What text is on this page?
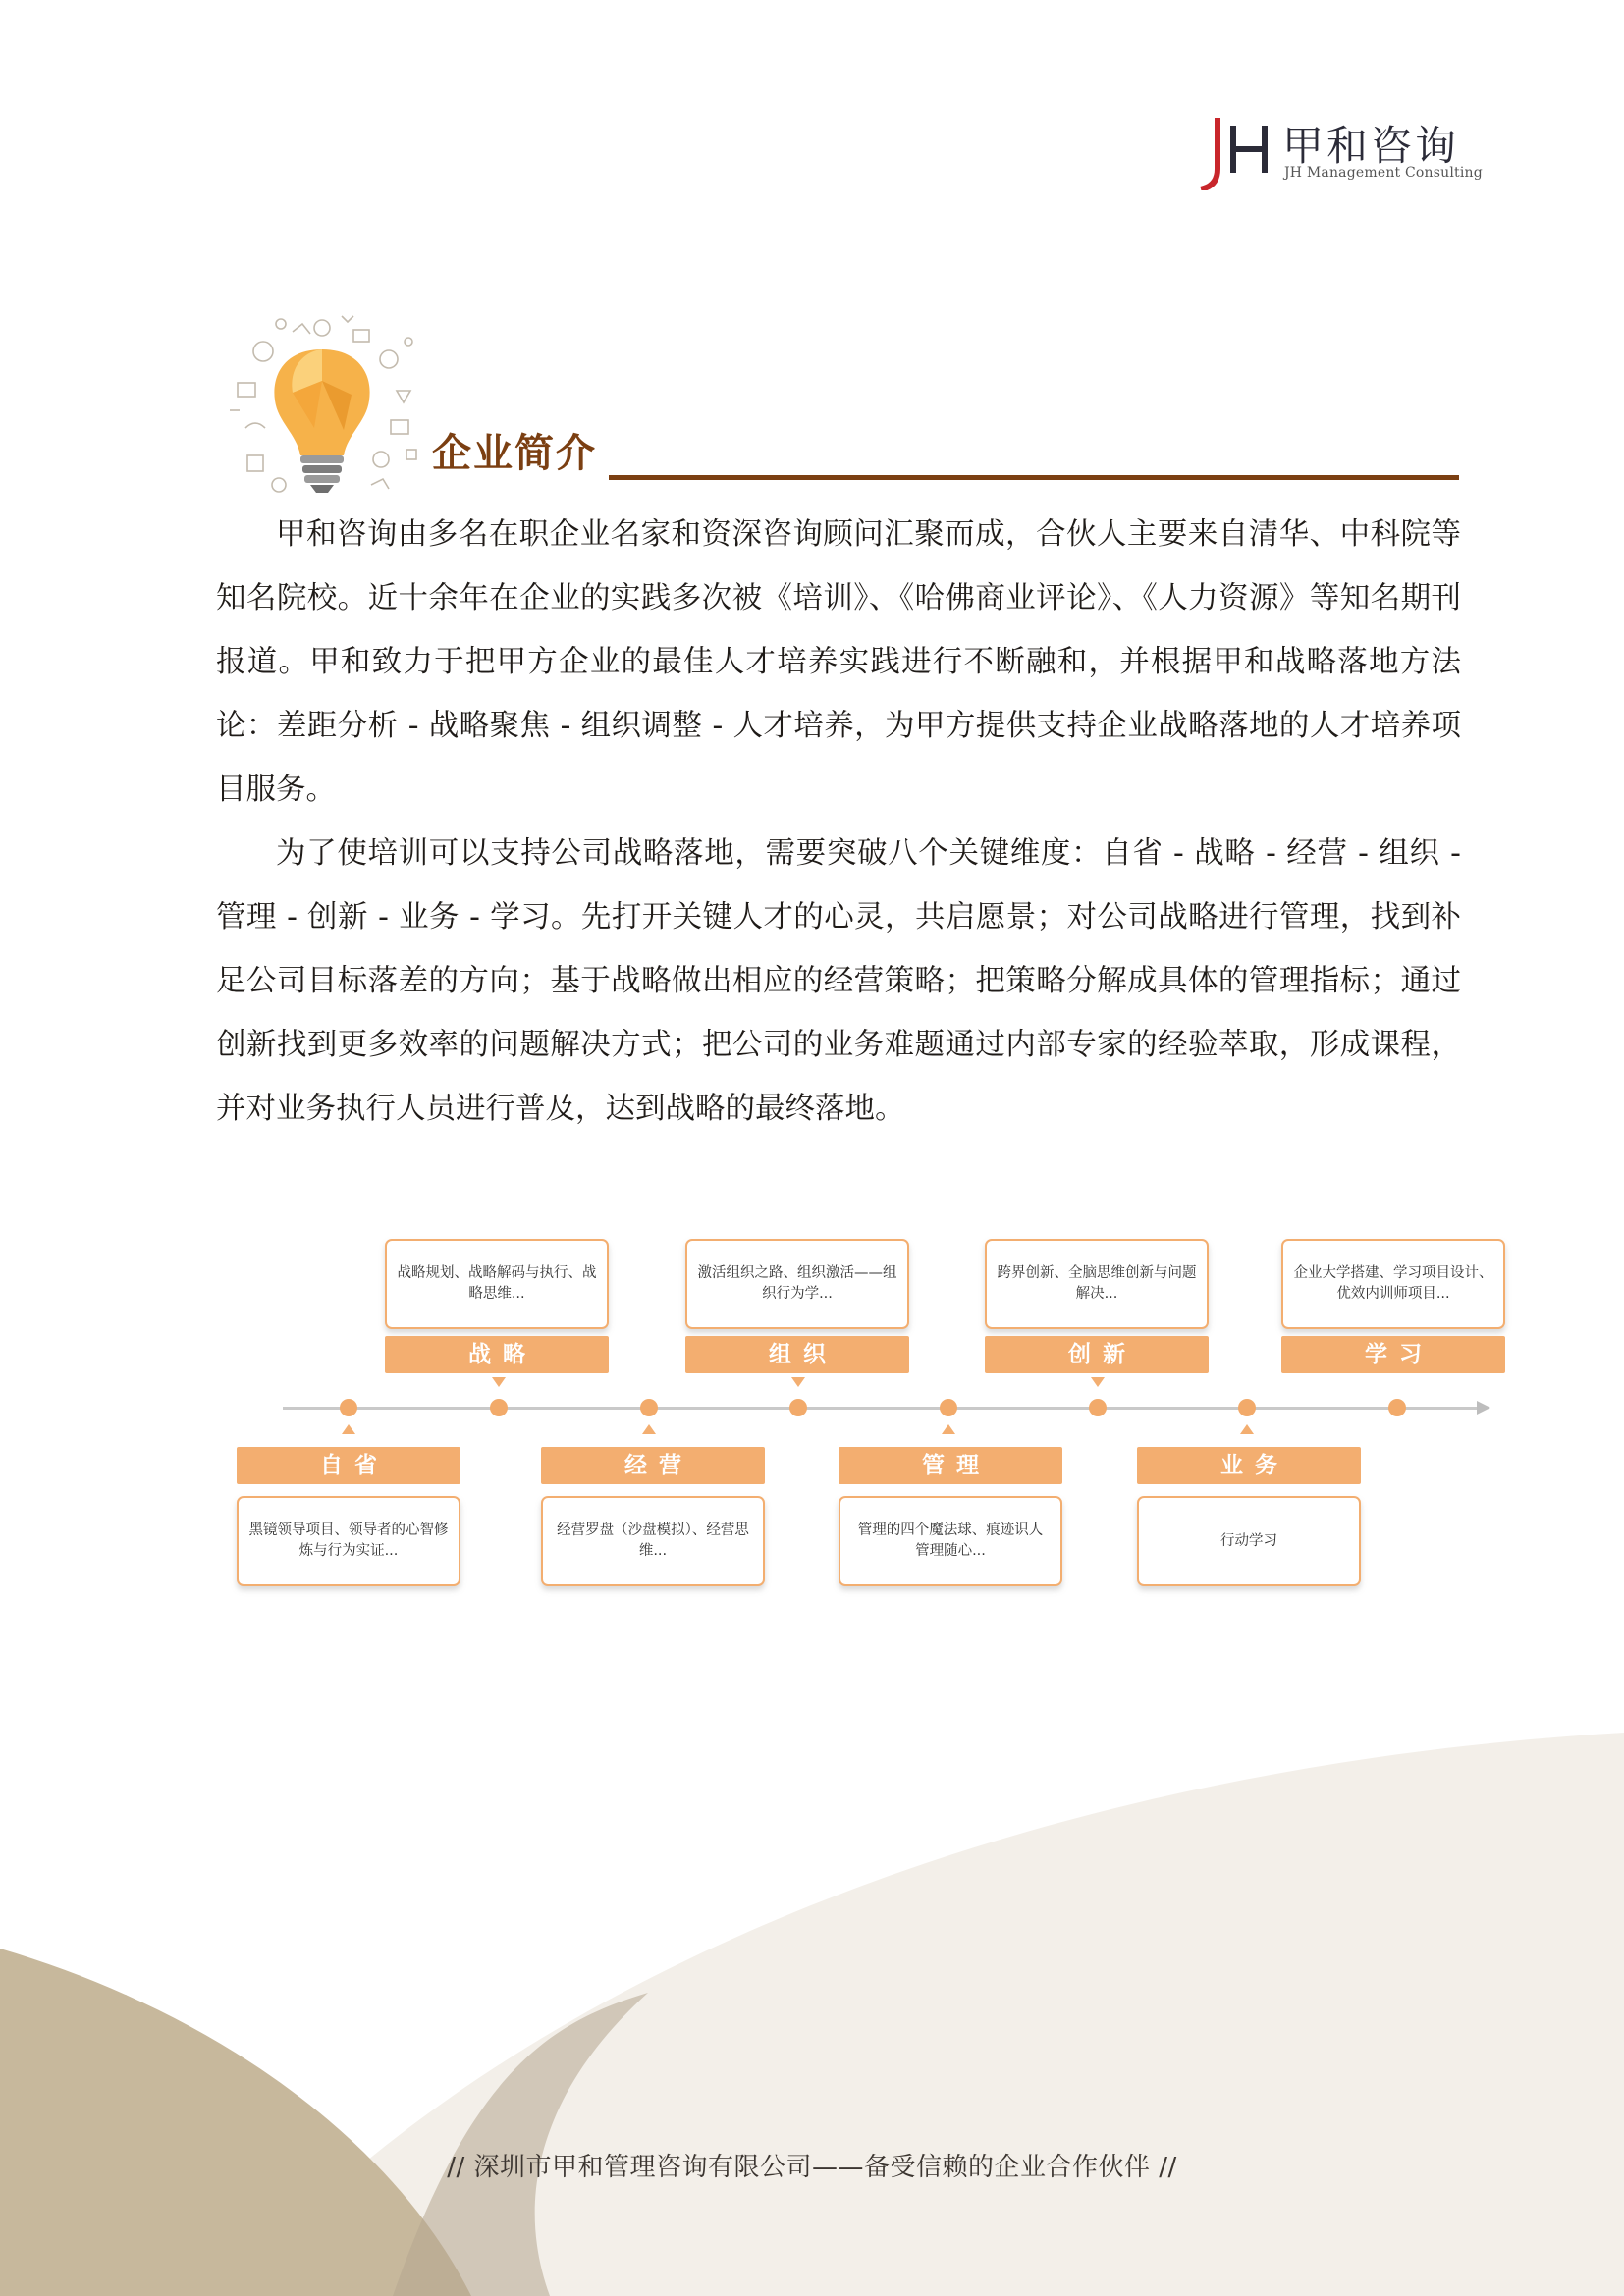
甲和咨询
JH Management Consulting
企业简介

甲和咨询由多名在职企业名家和资深咨询顾问汇聚而成，合伙人主要来自清华、中科院等知名院校。近十余年在企业的实践多次被《培训》、《哈佛商业评论》、《人力资源》等知名期刊报道。甲和致力于把甲方企业的最佳人才培养实践进行不断融和，并根据甲和战略落地方法论：差距分析 - 战略聚焦 - 组织调整 - 人才培养，为甲方提供支持企业战略落地的人才培养项目服务。

为了使培训可以支持公司战略落地，需要突破八个关键维度：自省 - 战略 - 经营 - 组织 - 管理 - 创新 - 业务 - 学习。先打开关键人才的心灵，共启愿景；对公司战略进行管理，找到补足公司目标落差的方向；基于战略做出相应的经营策略；把策略分解成具体的管理指标；通过创新找到更多效率的问题解决方式；把公司的业务难题通过内部专家的经验萃取，形成课程，并对业务执行人员进行普及，达到战略的最终落地。

自省
黑镜领导项目、领导者的心智修炼与行为实证...
战略规划、战略解码与执行、战略思维...
战略
经营
经营罗盘（沙盘模拟）、经营思维...
激活组织之路、组织激活——组织行为学...
组织
管理
管理的四个魔法球、痕迹识人 管理随心...
跨界创新、全脑思维创新与问题解决...
创新
业务
行动学习
企业大学搭建、学习项目设计、优效内训师项目...
学习
// 深圳市甲和管理咨询有限公司——备受信赖的企业合作伙伴 //
